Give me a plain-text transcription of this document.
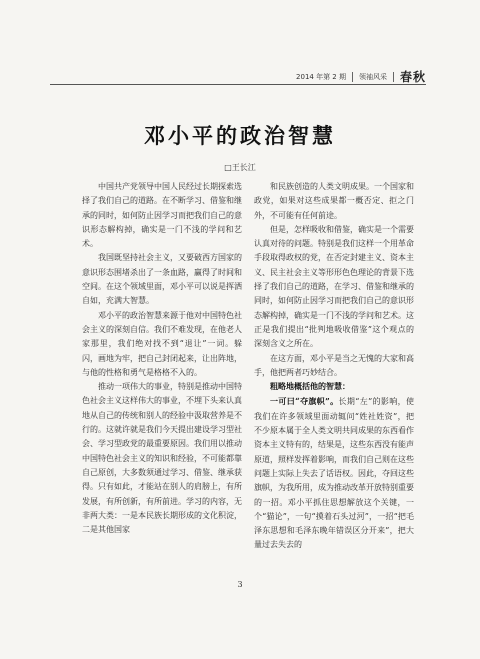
2014 年第 2 期 领袖风采 春秋
邓小平的政治智慧
□王长江

中国共产党领导中国人民经过长期探索选择了我们自己的道路。在不断学习、借鉴和继承的同时，如何防止因学习而把我们自己的意识形态解构掉，确实是一门不浅的学问和艺术。

我国既坚持社会主义，又要破西方国家的意识形态围堵杀出了一条血路，赢得了时间和空间。在这个领域里面，邓小平可以说是挥洒自如，充满大智慧。

邓小平的政治智慧来源于他对中国特色社会主义的深刻自信。我们不难发现，在他老人家那里，我们绝对找不到“退让”一词。躲闪，画地为牢，把自己封闭起来，让出阵地，与他的性格和勇气是格格不入的。

推动一项伟大的事业，特别是推动中国特色社会主义这样伟大的事业，不埋下头来认真地从自己的传统和别人的经验中汲取营养是不行的。这就许就是我们今天提出建设学习型社会、学习型政党的最重要原因。我们用以推动中国特色社会主义的知识和经验，不可能都靠自己原创，大多数须通过学习、借鉴、继承获得。只有如此，才能站在别人的肩膀上，有所发展，有所创新，有所前进。学习的内容，无非两大类：一是本民族长期形成的文化积淀，二是其他国家

和民族创造的人类文明成果。一个国家和政党，如果对这些成果都一概否定、拒之门外，不可能有任何前途。

但是，怎样吸收和借鉴，确实是一个需要认真对待的问题。特别是我们这样一个用革命手段取得政权的党，在否定封建主义、资本主义、民主社会主义等形形色色理论的背景下选择了我们自己的道路，在学习、借鉴和继承的同时，如何防止因学习而把我们自己的意识形态解构掉，确实是一门不浅的学问和艺术。这正是我们提出“批判地吸收借鉴”这个观点的深刻含义之所在。

在这方面，邓小平是当之无愧的大家和高手，他把两者巧妙结合。

粗略地概括他的智慧：

一可曰“夺旗帜”。长期“左”的影响，使我们在许多领域里面动辄问“姓社姓资”，把不少原本属于全人类文明共同成果的东西看作资本主义特有的，结果是，这些东西没有能声原道，照样发挥着影响，而我们自己则在这些问题上实际上失去了话语权。因此，夺回这些旗帜，为我所用，成为推动改革开放特别重要的一招。邓小平抓住思想解放这个关键，一个“猫论”，一句“摸着石头过河”，一招“把毛泽东思想和毛泽东晚年错误区分开来”，把大量过去失去的

3
